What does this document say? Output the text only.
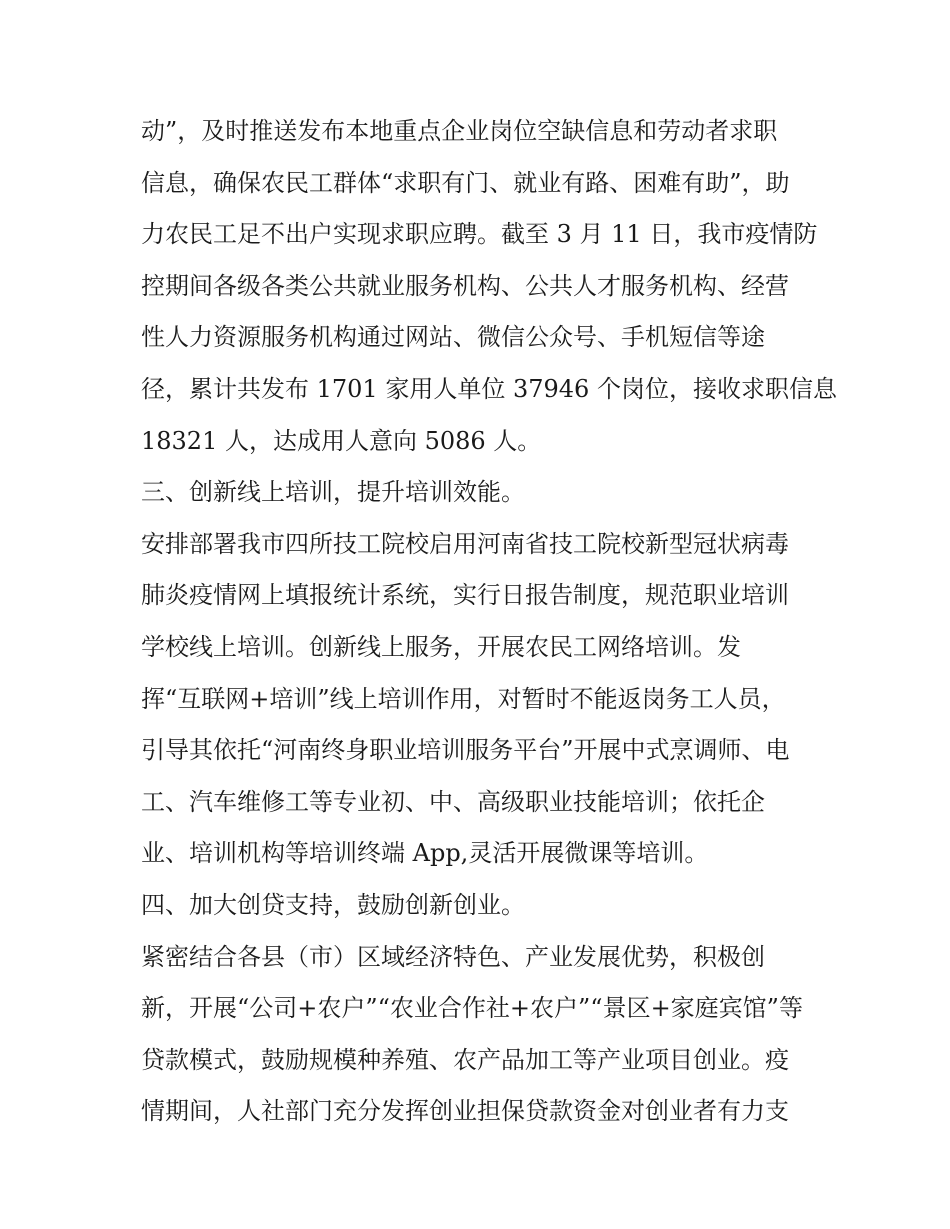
动”，及时推送发布本地重点企业岗位空缺信息和劳动者求职
信息，确保农民工群体“求职有门、就业有路、困难有助”，助
力农民工足不出户实现求职应聘。截至 3 月 11 日，我市疫情防
控期间各级各类公共就业服务机构、公共人才服务机构、经营
性人力资源服务机构通过网站、微信公众号、手机短信等途
径，累计共发布 1701 家用人单位 37946 个岗位，接收求职信息
18321 人，达成用人意向 5086 人。
三、创新线上培训，提升培训效能。
安排部署我市四所技工院校启用河南省技工院校新型冠状病毒
肺炎疫情网上填报统计系统，实行日报告制度，规范职业培训
学校线上培训。创新线上服务，开展农民工网络培训。发
挥“互联网+培训”线上培训作用，对暂时不能返岗务工人员，
引导其依托“河南终身职业培训服务平台”开展中式烹调师、电
工、汽车维修工等专业初、中、高级职业技能培训；依托企
业、培训机构等培训终端 App,灵活开展微课等培训。
四、加大创贷支持，鼓励创新创业。
紧密结合各县（市）区域经济特色、产业发展优势，积极创
新，开展“公司+农户”“农业合作社+农户”“景区+家庭宾馆”等
贷款模式，鼓励规模种养殖、农产品加工等产业项目创业。疫
情期间，人社部门充分发挥创业担保贷款资金对创业者有力支
